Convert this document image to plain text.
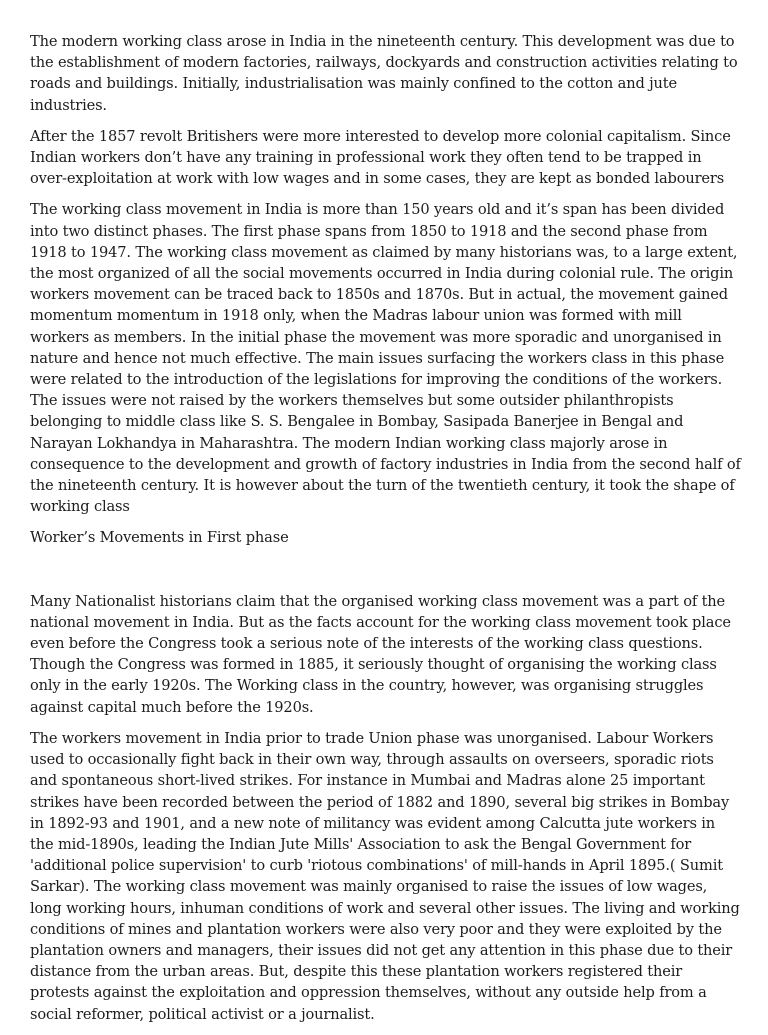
The modern working class arose in India in the nineteenth century. This development was due to the establishment of modern factories, railways, dockyards and construction activities relating to roads and buildings. Initially, industrialisation was mainly confined to the cotton and jute industries.

After the 1857 revolt Britishers were more interested to develop more colonial capitalism. Since Indian workers don’t have any training in professional work they often tend to be trapped in over-exploitation at work with low wages and in some cases, they are kept as bonded labourers

The working class movement in India is more than 150 years old and it’s span has been divided into two distinct phases. The first phase spans from 1850 to 1918 and the second phase from 1918 to 1947. The working class movement as claimed by many historians was, to a large extent, the most organized of all the social movements occurred in India during colonial rule. The origin workers movement can be traced back to 1850s and 1870s. But in actual, the movement gained momentum momentum in 1918 only, when the Madras labour union was formed with mill workers as members. In the initial phase the movement was more sporadic and unorganised in nature and hence not much effective. The main issues surfacing the workers class in this phase were related to the introduction of the legislations for improving the conditions of the workers. The issues were not raised by the workers themselves but some outsider philanthropists belonging to middle class like S. S. Bengalee in Bombay, Sasipada Banerjee in Bengal and Narayan Lokhandya in Maharashtra. The modern Indian working class majorly arose in consequence to the development and growth of factory industries in India from the second half of the nineteenth century. It is however about the turn of the twentieth century, it took the shape of working class

Worker’s Movements in First phase

Many Nationalist historians claim that the organised working class movement was a part of the national movement in India. But as the facts account for the working class movement took place even before the Congress took a serious note of the interests of the working class questions. Though the Congress was formed in 1885, it seriously thought of organising the working class only in the early 1920s. The Working class in the country, however, was organising struggles against capital much before the 1920s.

The workers movement in India prior to trade Union phase was unorganised. Labour Workers used to occasionally fight back in their own way, through assaults on overseers, sporadic riots and spontaneous short-lived strikes. For instance in Mumbai and Madras alone 25 important strikes have been recorded between the period of 1882 and 1890, several big strikes in Bombay in 1892-93 and 1901, and a new note of militancy was evident among Calcutta jute workers in the mid-1890s, leading the Indian Jute Mills' Association to ask the Bengal Government for 'additional police supervision' to curb 'riotous combinations' of mill-hands in April 1895.( Sumit Sarkar). The working class movement was mainly organised to raise the issues of low wages, long working hours, inhuman conditions of work and several other issues. The living and working conditions of mines and plantation workers were also very poor and they were exploited by the plantation owners and managers, their issues did not get any attention in this phase due to their distance from the urban areas. But, despite this these plantation workers registered their protests against the exploitation and oppression themselves, without any outside help from a social reformer, political activist or a journalist.
